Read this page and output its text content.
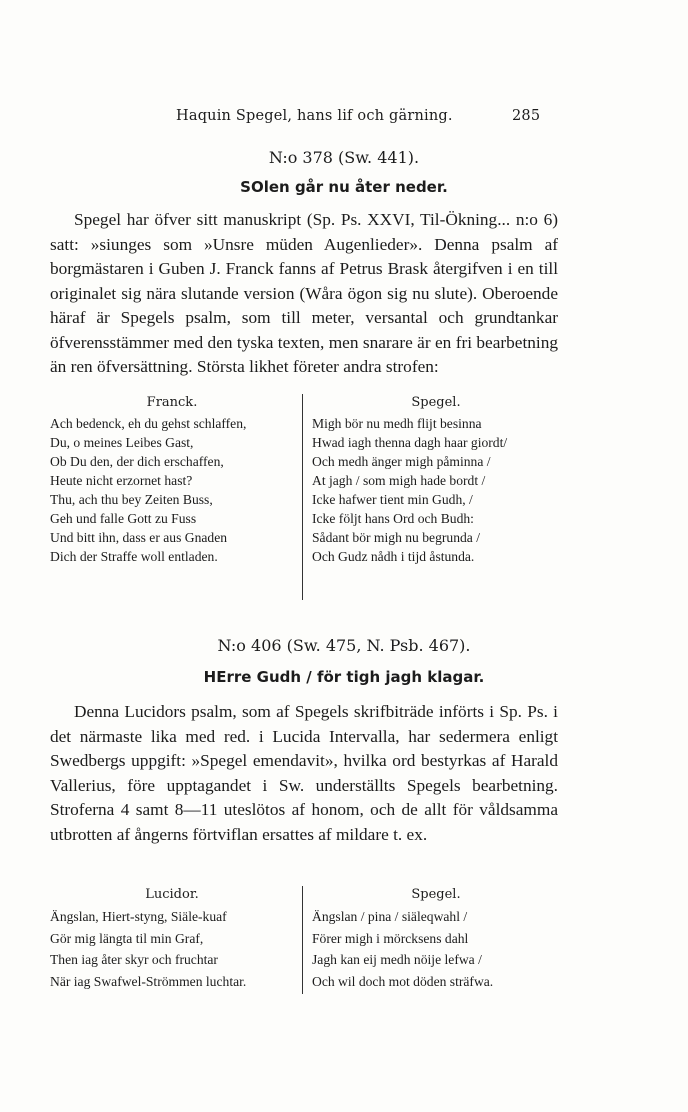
Haquin Spegel, hans lif och gärning.	285
N:o 378 (Sw. 441).
SOlen går nu åter neder.

Spegel har öfver sitt manuskript (Sp. Ps. XXVI, Til-Ökning... n:o 6) satt: »siunges som »Unsre müden Augenlieder». Denna psalm af borgmästaren i Guben J. Franck fanns af Petrus Brask återgifven i en till originalet sig nära slutande version (Wåra ögon sig nu slute). Oberoende häraf är Spegels psalm, som till meter, versantal och grundtankar öfverensstämmer med den tyska texten, men snarare är en fri bearbetning än ren öfversättning. Största likhet företer andra strofen:

Franck.
Ach bedenck, eh du gehst schlaffen,
Du, o meines Leibes Gast,
Ob Du den, der dich erschaffen,
Heute nicht erzornet hast?
Thu, ach thu bey Zeiten Buss,
Geh und falle Gott zu Fuss
Und bitt ihn, dass er aus Gnaden
Dich der Straffe woll entladen.
Spegel.
Migh bör nu medh flijt besinna
Hwad iagh thenna dagh haar giordt/
Och medh änger migh påminna /
At jagh / som migh hade bordt /
Icke hafwer tient min Gudh, /
Icke följt hans Ord och Budh:
Sådant bör migh nu begrunda /
Och Gudz nådh i tijd åstunda.
N:o 406 (Sw. 475, N. Psb. 467).
HErre Gudh / för tigh jagh klagar.

Denna Lucidors psalm, som af Spegels skrifbiträde införts i Sp. Ps. i det närmaste lika med red. i Lucida Intervalla, har sedermera enligt Swedbergs uppgift: »Spegel emendavit», hvilka ord bestyrkas af Harald Vallerius, före upptagandet i Sw. underställts Spegels bearbetning. Stroferna 4 samt 8—11 uteslötos af honom, och de allt för våldsamma utbrotten af ångerns förtviflan ersattes af mildare t. ex.

Lucidor.
Ängslan, Hiert-styng, Siäle-kuaf
Gör mig längta til min Graf,
Then iag åter skyr och fruchtar
När iag Swafwel-Strömmen luchtar.
Spegel.
Ängslan / pina / siäleqwahl /
Förer migh i mörcksens dahl
Jagh kan eij medh nöije lefwa /
Och wil doch mot döden sträfwa.
